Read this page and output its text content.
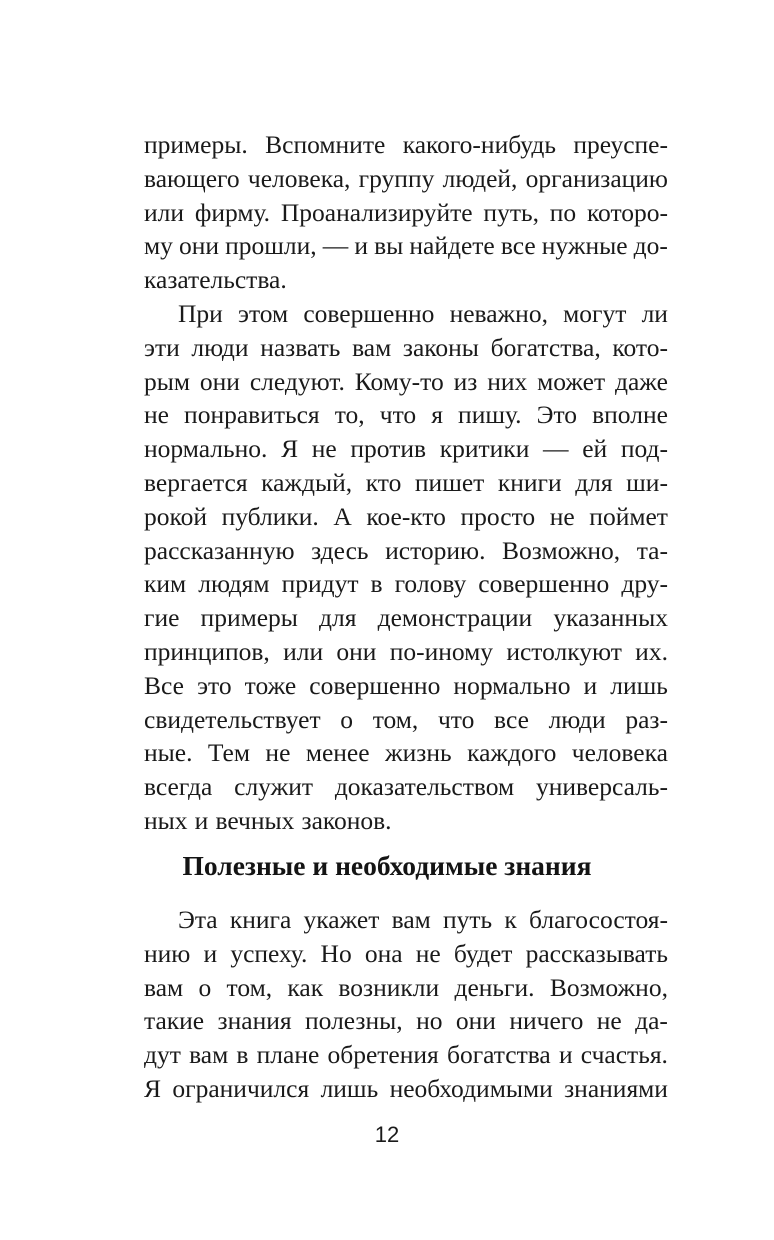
примеры. Вспомните какого-нибудь преуспе-
вающего человека, группу людей, организацию
или фирму. Проанализируйте путь, по которо-
му они прошли, — и вы найдете все нужные до-
казательства.
При этом совершенно неважно, могут ли
эти люди назвать вам законы богатства, кото-
рым они следуют. Кому-то из них может даже
не понравиться то, что я пишу. Это вполне
нормально. Я не против критики — ей под-
вергается каждый, кто пишет книги для ши-
рокой публики. А кое-кто просто не поймет
рассказанную здесь историю. Возможно, та-
ким людям придут в голову совершенно дру-
гие примеры для демонстрации указанных
принципов, или они по-иному истолкуют их.
Все это тоже совершенно нормально и лишь
свидетельствует о том, что все люди раз-
ные. Тем не менее жизнь каждого человека
всегда служит доказательством универсаль-
ных и вечных законов.
Полезные и необходимые знания
Эта книга укажет вам путь к благосостоя-
нию и успеху. Но она не будет рассказывать
вам о том, как возникли деньги. Возможно,
такие знания полезны, но они ничего не да-
дут вам в плане обретения богатства и счастья.
Я ограничился лишь необходимыми знаниями
12
